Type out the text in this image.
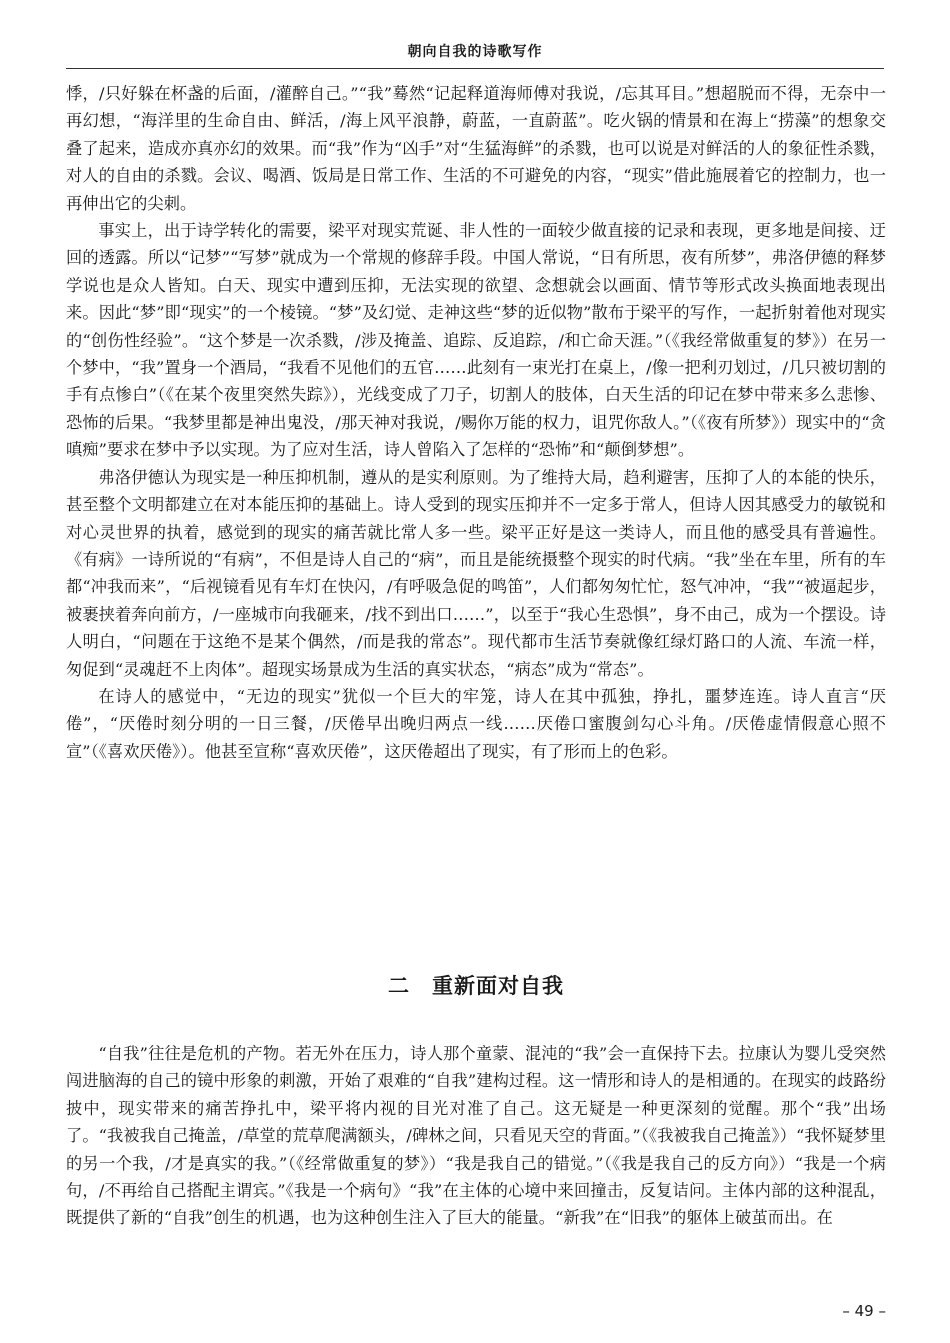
朝向自我的诗歌写作

悸，/只好躲在杯盏的后面，/灌醉自己。”“我”蓦然“记起释道海师傅对我说，/忘其耳目。”想超脱而不得，无奈中一再幻想，“海洋里的生命自由、鲜活，/海上风平浪静，蔚蓝，一直蔚蓝”。吃火锅的情景和在海上“捞藻”的想象交叠了起来，造成亦真亦幻的效果。而“我”作为“凶手”对“生猛海鲜”的杀戮，也可以说是对鲜活的人的象征性杀戮，对人的自由的杀戮。会议、喝酒、饭局是日常工作、生活的不可避免的内容，“现实”借此施展着它的控制力，也一再伸出它的尖刺。

事实上，出于诗学转化的需要，梁平对现实荒诞、非人性的一面较少做直接的记录和表现，更多地是间接、迂回的透露。所以“记梦”“写梦”就成为一个常规的修辞手段。中国人常说，“日有所思，夜有所梦”，弗洛伊德的释梦学说也是众人皆知。白天、现实中遭到压抑，无法实现的欲望、念想就会以画面、情节等形式改头换面地表现出来。因此“梦”即“现实”的一个棱镜。“梦”及幻觉、走神这些“梦的近似物”散布于梁平的写作，一起折射着他对现实的“创伤性经验”。“这个梦是一次杀戮，/涉及掩盖、追踪、反追踪，/和亡命天涯。”（《我经常做重复的梦》）在另一个梦中，“我”置身一个酒局，“我看不见他们的五官……此刻有一束光打在桌上，/像一把利刃划过，/几只被切割的手有点惨白”（《在某个夜里突然失踪》），光线变成了刀子，切割人的肢体，白天生活的印记在梦中带来多么悲惨、恐怖的后果。“我梦里都是神出鬼没，/那天神对我说，/赐你万能的权力，诅咒你敌人。”（《夜有所梦》）现实中的“贪嗔痴”要求在梦中予以实现。为了应对生活，诗人曾陷入了怎样的“恐怖”和“颠倒梦想”。

弗洛伊德认为现实是一种压抑机制，遵从的是实利原则。为了维持大局，趋利避害，压抑了人的本能的快乐，甚至整个文明都建立在对本能压抑的基础上。诗人受到的现实压抑并不一定多于常人，但诗人因其感受力的敏锐和对心灵世界的执着，感觉到的现实的痛苦就比常人多一些。梁平正好是这一类诗人，而且他的感受具有普遍性。《有病》一诗所说的“有病”，不但是诗人自己的“病”，而且是能统摄整个现实的时代病。“我”坐在车里，所有的车都“冲我而来”，“后视镜看见有车灯在快闪，/有呼吸急促的鸣笛”，人们都匆匆忙忙，怒气冲冲，“我”“被逼起步，被裹挟着奔向前方，/一座城市向我砸来，/找不到出口……”，以至于“我心生恐惧”，身不由己，成为一个摆设。诗人明白，“问题在于这绝不是某个偶然，/而是我的常态”。现代都市生活节奏就像红绿灯路口的人流、车流一样，匆促到“灵魂赶不上肉体”。超现实场景成为生活的真实状态，“病态”成为“常态”。

在诗人的感觉中，“无边的现实”犹似一个巨大的牢笼，诗人在其中孤独，挣扎，噩梦连连。诗人直言“厌倦”，“厌倦时刻分明的一日三餐，/厌倦早出晚归两点一线……厌倦口蜜腹剑勾心斗角。/厌倦虚情假意心照不宣”（《喜欢厌倦》）。他甚至宣称“喜欢厌倦”，这厌倦超出了现实，有了形而上的色彩。

二 重新面对自我

“自我”往往是危机的产物。若无外在压力，诗人那个童蒙、混沌的“我”会一直保持下去。拉康认为婴儿受突然闯进脑海的自己的镜中形象的刺激，开始了艰难的“自我”建构过程。这一情形和诗人的是相通的。在现实的歧路纷披中，现实带来的痛苦挣扎中，梁平将内视的目光对准了自己。这无疑是一种更深刻的觉醒。那个“我”出场了。“我被我自己掩盖，/草堂的荒草爬满额头，/碑林之间，只看见天空的背面。”（《我被我自己掩盖》）“我怀疑梦里的另一个我，/才是真实的我。”（《经常做重复的梦》）“我是我自己的错觉。”（《我是我自己的反方向》）“我是一个病句，/不再给自己搭配主谓宾。”《我是一个病句》“我”在主体的心境中来回撞击，反复诘问。主体内部的这种混乱，既提供了新的“自我”创生的机遇，也为这种创生注入了巨大的能量。“新我”在“旧我”的躯体上破茧而出。在

– 49 –
